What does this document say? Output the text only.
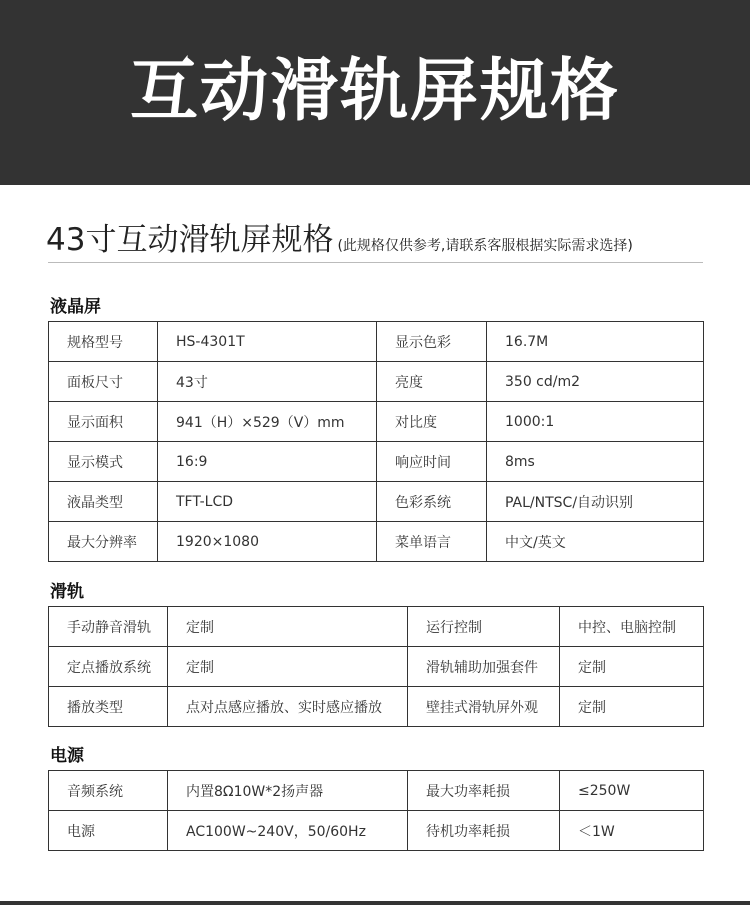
互动滑轨屏规格
43寸互动滑轨屏规格 (此规格仅供参考,请联系客服根据实际需求选择)
液晶屏
规格型号	HS-4301T	显示色彩	16.7M
面板尺寸	43寸	亮度	350 cd/m2
显示面积	941（H）×529（V）mm	对比度	1000:1
显示模式	16:9	响应时间	8ms
液晶类型	TFT-LCD	色彩系统	PAL/NTSC/自动识别
最大分辨率	1920×1080	菜单语言	中文/英文
滑轨
手动静音滑轨	定制	运行控制	中控、电脑控制
定点播放系统	定制	滑轨辅助加强套件	定制
播放类型	点对点感应播放、实时感应播放	壁挂式滑轨屏外观	定制
电源
音频系统	内置8Ω10W*2扬声器	最大功率耗损	≤250W
电源	AC100W~240V，50/60Hz	待机功率耗损	＜1W
